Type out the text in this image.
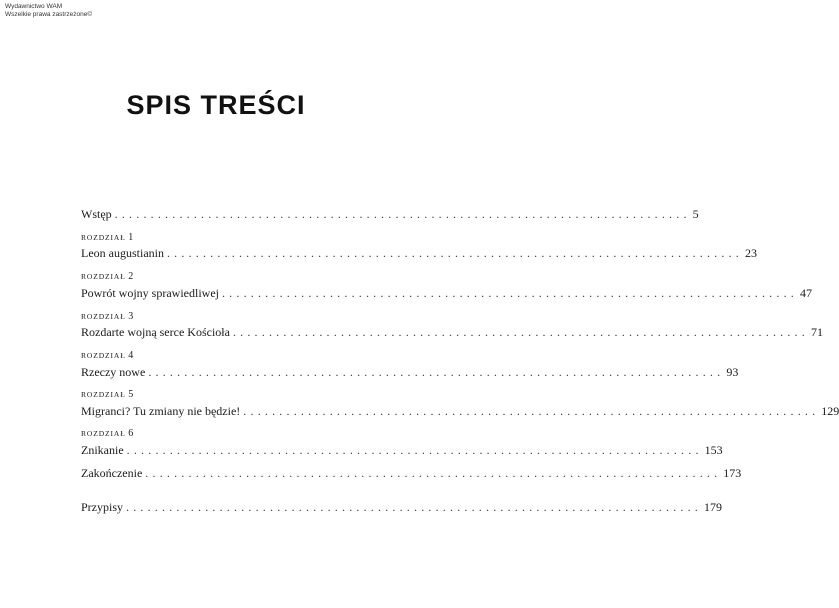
Wydawnictwo WAM
Wszelkie prawa zastrzeżone©
SPIS TREŚCI
Wstęp ................................................................................ 5
ROZDZIAŁ 1
Leon augustianin ................................................................................ 23
ROZDZIAŁ 2
Powrót wojny sprawiedliwej ................................................................................ 47
ROZDZIAŁ 3
Rozdarte wojną serce Kościoła ................................................................................ 71
ROZDZIAŁ 4
Rzeczy nowe ................................................................................ 93
ROZDZIAŁ 5
Migranci? Tu zmiany nie będzie! ................................................................................ 129
ROZDZIAŁ 6
Znikanie ................................................................................ 153
Zakończenie ................................................................................ 173
Przypisy ................................................................................ 179
